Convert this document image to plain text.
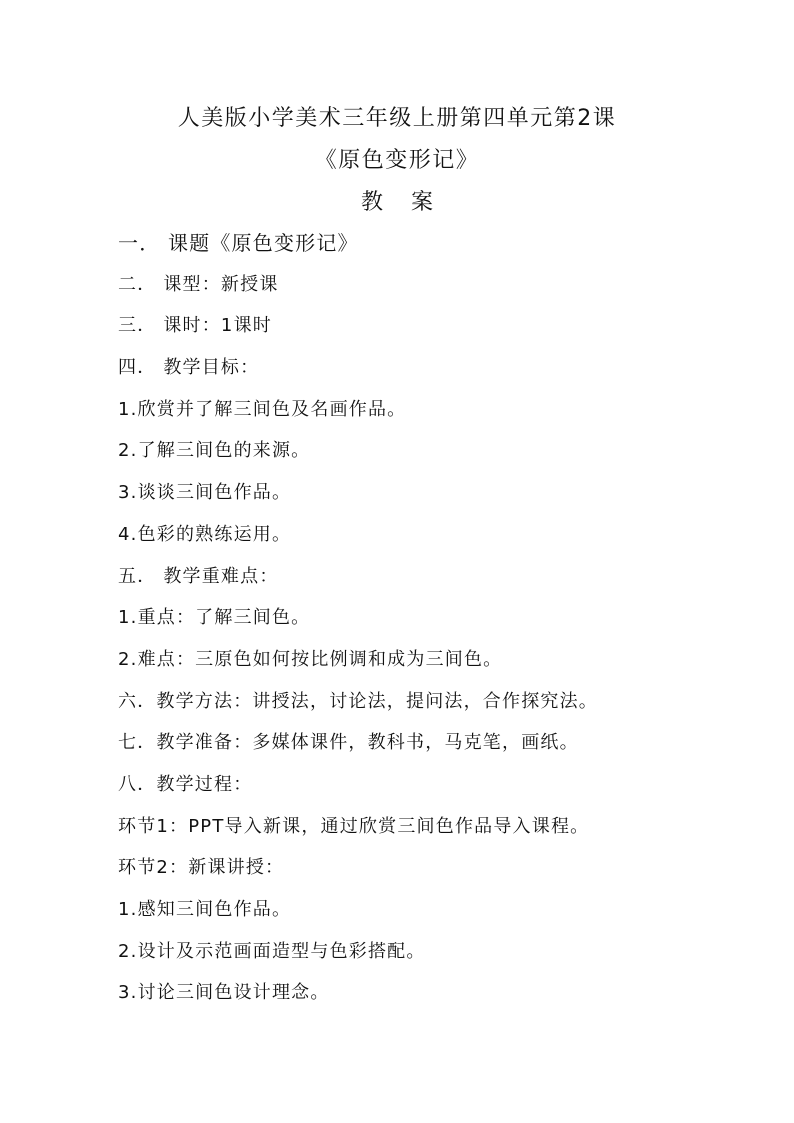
人美版小学美术三年级上册第四单元第2课
《原色变形记》
教 案
一． 课题《原色变形记》
二． 课型：新授课
三． 课时：1课时
四． 教学目标：
1.欣赏并了解三间色及名画作品。
2.了解三间色的来源。
3.谈谈三间色作品。
4.色彩的熟练运用。
五． 教学重难点：
1.重点：了解三间色。
2.难点：三原色如何按比例调和成为三间色。
六．教学方法：讲授法，讨论法，提问法，合作探究法。
七．教学准备：多媒体课件，教科书，马克笔，画纸。
八．教学过程：
环节1：PPT导入新课，通过欣赏三间色作品导入课程。
环节2：新课讲授：
1.感知三间色作品。
2.设计及示范画面造型与色彩搭配。
3.讨论三间色设计理念。
